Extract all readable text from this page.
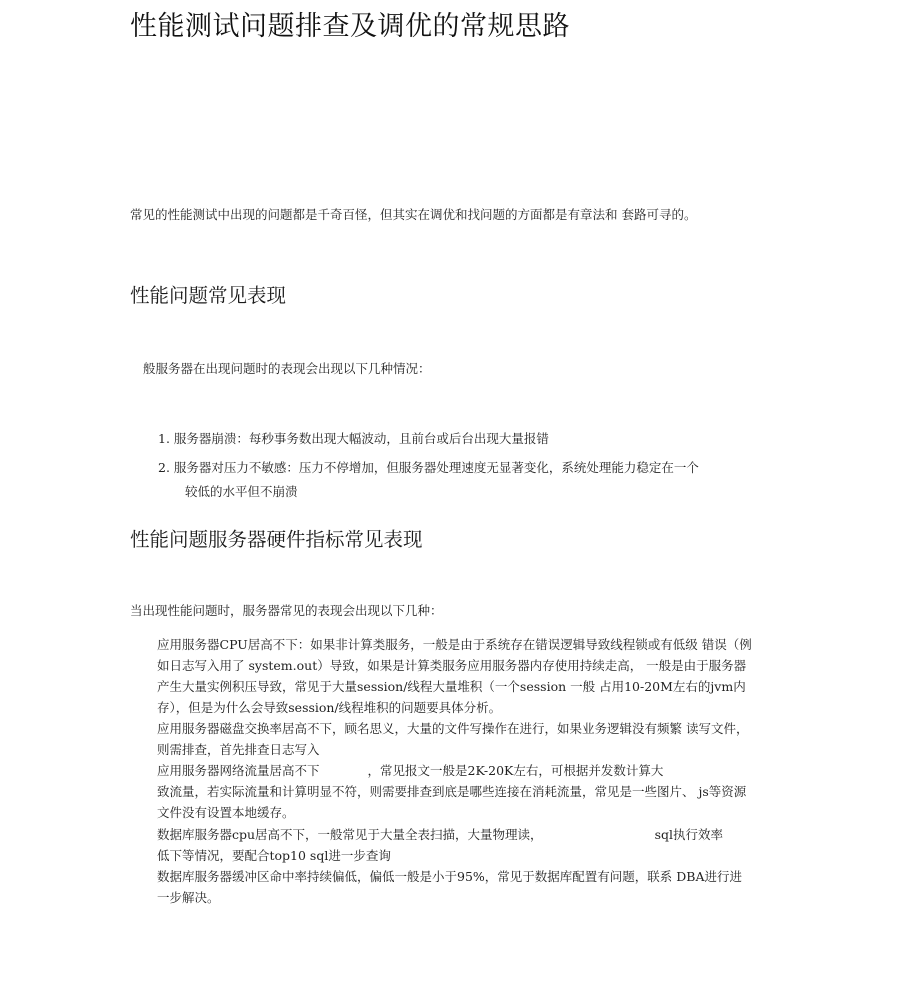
性能测试问题排查及调优的常规思路
常见的性能测试中出现的问题都是千奇百怪，但其实在调优和找问题的方面都是有章法和 套路可寻的。
性能问题常见表现
般服务器在出现问题时的表现会出现以下几种情况：
1. 服务器崩溃：每秒事务数出现大幅波动，且前台或后台出现大量报错
2. 服务器对压力不敏感：压力不停增加，但服务器处理速度无显著变化，系统处理能力稳定在一个
较低的水平但不崩溃
性能问题服务器硬件指标常见表现
当出现性能问题时，服务器常见的表现会出现以下几种：
应用服务器CPU居高不下：如果非计算类服务，一般是由于系统存在错误逻辑导致线程锁或有低级 错误（例
如日志写入用了 system.out）导致，如果是计算类服务应用服务器内存使用持续走高， 一般是由于服务器
产生大量实例积压导致，常见于大量session/线程大量堆积（一个session 一般 占用10-20M左右的jvm内
存），但是为什么会导致session/线程堆积的问题要具体分析。
应用服务器磁盘交换率居高不下，顾名思义，大量的文件写操作在进行，如果业务逻辑没有频繁 读写文件，
则需排查，首先排查日志写入
应用服务器网络流量居高不下	，常见报文一般是2K-20K左右，可根据并发数计算大
致流量，若实际流量和计算明显不符，则需要排查到底是哪些连接在消耗流量，常见是一些图片、 js等资源
文件没有设置本地缓存。
数据库服务器cpu居高不下，一般常见于大量全表扫描，大量物理读，	sql执行效率
低下等情况，要配合top10 sql进一步查询
数据库服务器缓冲区命中率持续偏低，偏低一般是小于95%，常见于数据库配置有问题，联系 DBA进行进
一步解决。
